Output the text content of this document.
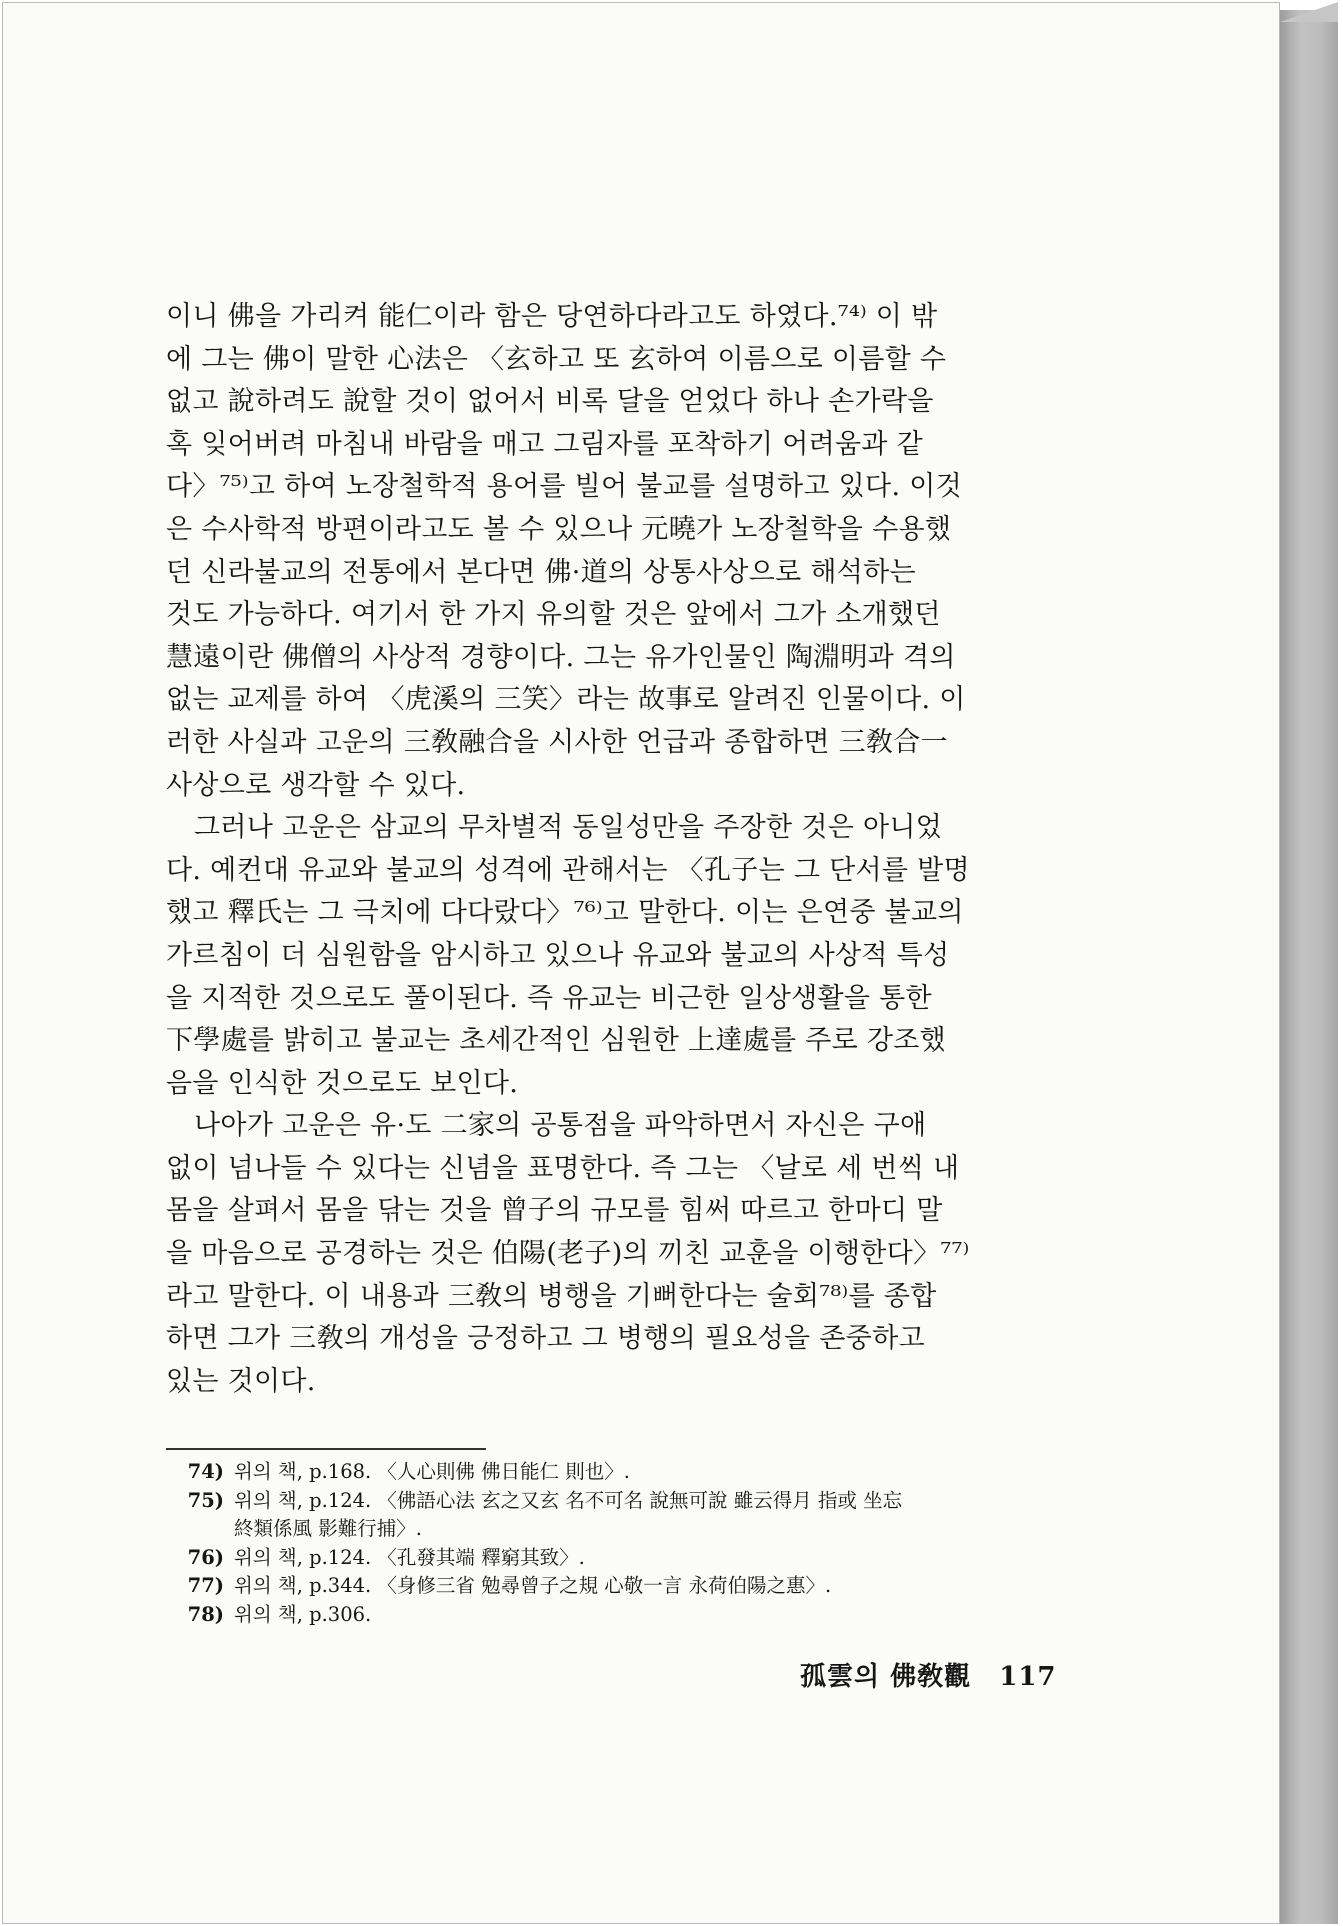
이니 佛을 가리켜 能仁이라 함은 당연하다라고도 하였다.⁷⁴⁾ 이 밖
에 그는 佛이 말한 心法은 〈玄하고 또 玄하여 이름으로 이름할 수
없고 說하려도 說할 것이 없어서 비록 달을 얻었다 하나 손가락을
혹 잊어버려 마침내 바람을 매고 그림자를 포착하기 어려움과 같
다〉⁷⁵⁾고 하여 노장철학적 용어를 빌어 불교를 설명하고 있다. 이것
은 수사학적 방편이라고도 볼 수 있으나 元曉가 노장철학을 수용했
던 신라불교의 전통에서 본다면 佛·道의 상통사상으로 해석하는
것도 가능하다. 여기서 한 가지 유의할 것은 앞에서 그가 소개했던
慧遠이란 佛僧의 사상적 경향이다. 그는 유가인물인 陶淵明과 격의
없는 교제를 하여 〈虎溪의 三笑〉라는 故事로 알려진 인물이다. 이
러한 사실과 고운의 三敎融合을 시사한 언급과 종합하면 三敎合一
사상으로 생각할 수 있다.
그러나 고운은 삼교의 무차별적 동일성만을 주장한 것은 아니었
다. 예컨대 유교와 불교의 성격에 관해서는 〈孔子는 그 단서를 발명
했고 釋氏는 그 극치에 다다랐다〉⁷⁶⁾고 말한다. 이는 은연중 불교의
가르침이 더 심원함을 암시하고 있으나 유교와 불교의 사상적 특성
을 지적한 것으로도 풀이된다. 즉 유교는 비근한 일상생활을 통한
下學處를 밝히고 불교는 초세간적인 심원한 上達處를 주로 강조했
음을 인식한 것으로도 보인다.
나아가 고운은 유·도 二家의 공통점을 파악하면서 자신은 구애
없이 넘나들 수 있다는 신념을 표명한다. 즉 그는 〈날로 세 번씩 내
몸을 살펴서 몸을 닦는 것을 曾子의 규모를 힘써 따르고 한마디 말
을 마음으로 공경하는 것은 伯陽(老子)의 끼친 교훈을 이행한다〉⁷⁷⁾
라고 말한다. 이 내용과 三敎의 병행을 기뻐한다는 술회⁷⁸⁾를 종합
하면 그가 三敎의 개성을 긍정하고 그 병행의 필요성을 존중하고
있는 것이다.
74) 위의 책, p.168. 〈人心則佛 佛日能仁 則也〉.
75) 위의 책, p.124. 〈佛語心法 玄之又玄 名不可名 說無可說 雖云得月 指或 坐忘
終類係風 影難行捕〉.
76) 위의 책, p.124. 〈孔發其端 釋窮其致〉.
77) 위의 책, p.344. 〈身修三省 勉尋曾子之規 心敬一言 永荷伯陽之惠〉.
78) 위의 책, p.306.
孤雲의 佛敎觀 117
